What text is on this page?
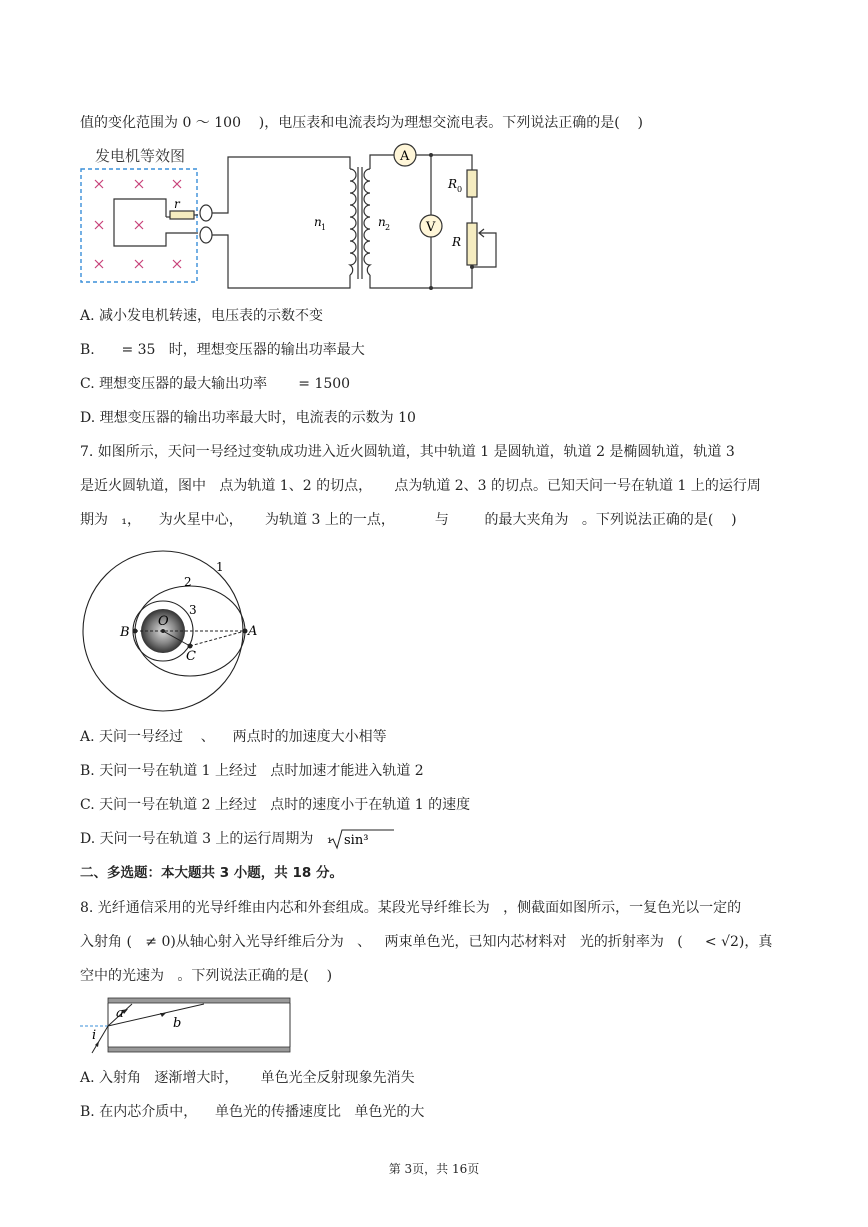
值的变化范围为 0 ～ 100    )，电压表和电流表均为理想交流电表。下列说法正确的是(    )
发电机等效图
r
n 1	n 2
A
V
R 0
R
A. 减小发电机转速，电压表的示数不变
B.      = 35   时，理想变压器的输出功率最大
C. 理想变压器的最大输出功率       = 1500
D. 理想变压器的输出功率最大时，电流表的示数为 10
7. 如图所示，天问一号经过变轨成功进入近火圆轨道，其中轨道 1 是圆轨道，轨道 2 是椭圆轨道，轨道 3
是近火圆轨道，图中   点为轨道 1、2 的切点，     点为轨道 2、3 的切点。已知天问一号在轨道 1 上的运行周
期为   ₁，    为火星中心，     为轨道 3 上的一点，         与        的最大夹角为   。下列说法正确的是(    )
1
2
3
A
B
C
O
A. 天问一号经过    、    两点时的加速度大小相等
B. 天问一号在轨道 1 上经过   点时加速才能进入轨道 2
C. 天问一号在轨道 2 上经过   点时的速度小于在轨道 1 的速度
D. 天问一号在轨道 3 上的运行周期为   ₁ sin³
二、多选题：本大题共 3 小题，共 18 分。
8. 光纤通信采用的光导纤维由内芯和外套组成。某段光导纤维长为   ，侧截面如图所示，一复色光以一定的
入射角 (   ≠ 0)从轴心射入光导纤维后分为   、   两束单色光，已知内芯材料对   光的折射率为   (     < √2)，真
空中的光速为   。下列说法正确的是(    )
a
b
i
A. 入射角   逐渐增大时，     单色光全反射现象先消失
B. 在内芯介质中，    单色光的传播速度比   单色光的大
第 3页，共 16页
